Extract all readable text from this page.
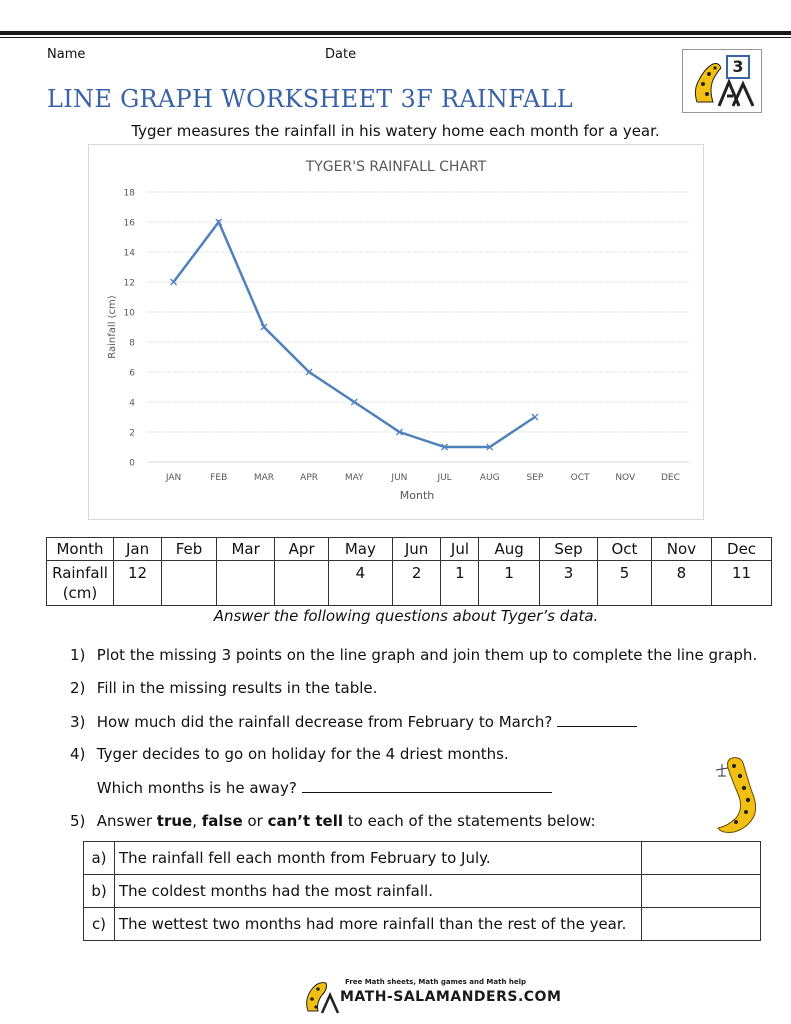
Name	Date
LINE GRAPH WORKSHEET 3F RAINFALL
3
Tyger measures the rainfall in his watery home each month for a year.
TYGER'S RAINFALL CHART
0
2
4
6
8
10
12
14
16
18
JAN	FEB	MAR	APR	MAY	JUN	JUL	AUG	SEP	OCT	NOV	DEC
Month
Rainfall (cm)
Month	Jan	Feb	Mar	Apr	May	Jun	Jul	Aug	Sep	Oct	Nov	Dec

Rainfall
(cm)	12				4	2	1	1	3	5	8	11
Answer the following questions about Tyger’s data.
1) Plot the missing 3 points on the line graph and join them up to complete the line graph.
2) Fill in the missing results in the table.
3) How much did the rainfall decrease from February to March?
4) Tyger decides to go on holiday for the 4 driest months.
Which months is he away?
5) Answer true, false or can’t tell to each of the statements below:
a)	The rainfall fell each month from February to July.	
b)	The coldest months had the most rainfall.	
c)	The wettest two months had more rainfall than the rest of the year.	
Free Math sheets, Math games and Math help
MATH-SALAMANDERS.COM
